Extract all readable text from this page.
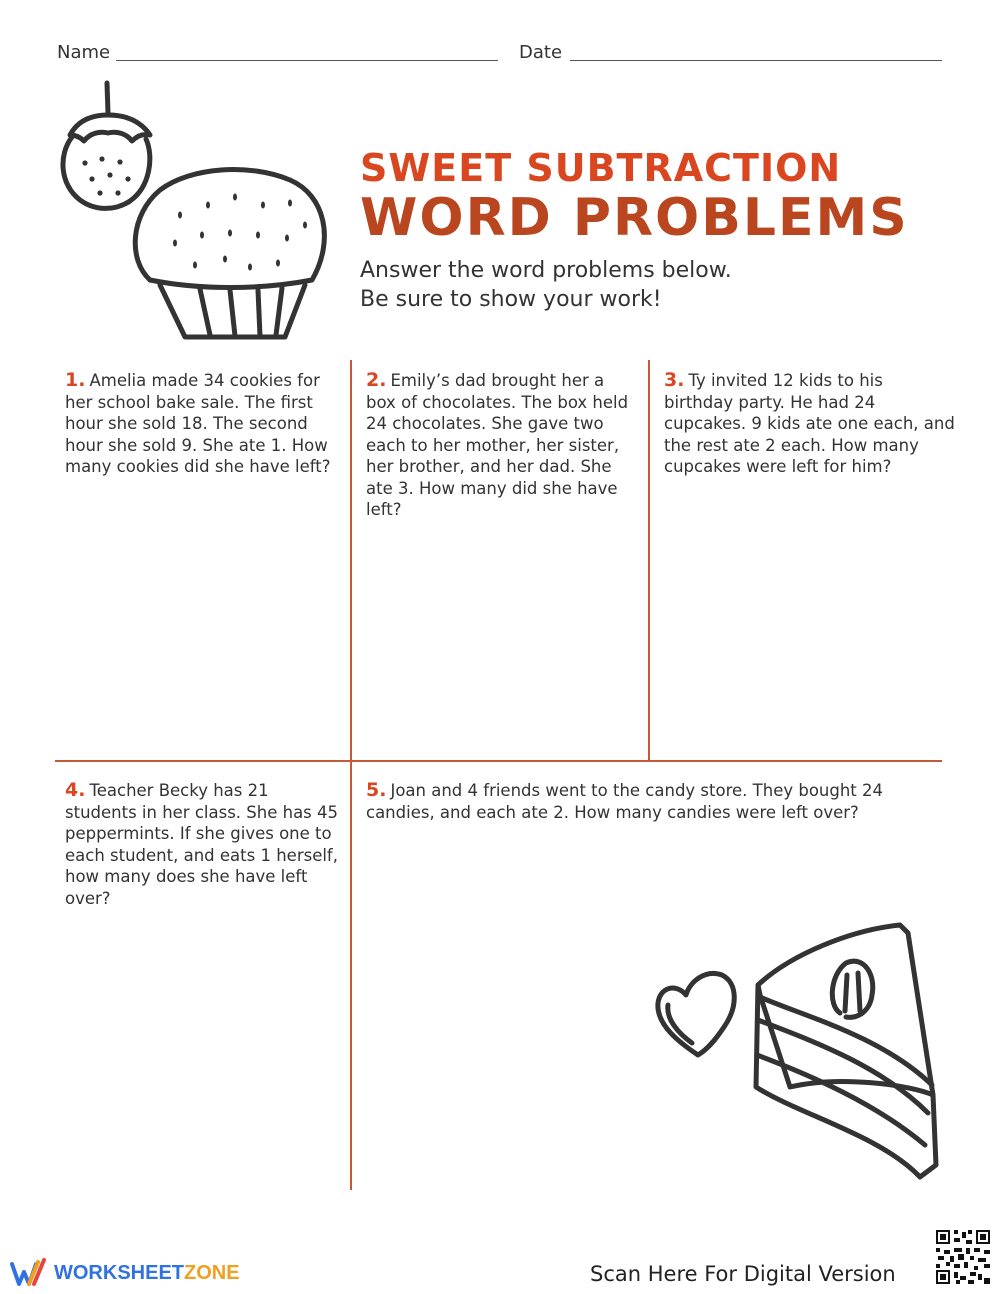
Name	Date
SWEET SUBTRACTION
WORD PROBLEMS
Answer the word problems below.
Be sure to show your work!
1. Amelia made 34 cookies for her school bake sale. The first hour she sold 18. The second hour she sold 9. She ate 1. How many cookies did she have left?
2. Emily’s dad brought her a box of chocolates. The box held 24 chocolates. She gave two each to her mother, her sister, her brother, and her dad. She ate 3. How many did she have left?
3. Ty invited 12 kids to his birthday party. He had 24 cupcakes. 9 kids ate one each, and the rest ate 2 each. How many cupcakes were left for him?
4. Teacher Becky has 21 students in her class. She has 45 peppermints. If she gives one to each student, and eats 1 herself, how many does she have left over?
5. Joan and 4 friends went to the candy store. They bought 24 candies, and each ate 2. How many candies were left over?
WORKSHEETZONE	Scan Here For Digital Version
